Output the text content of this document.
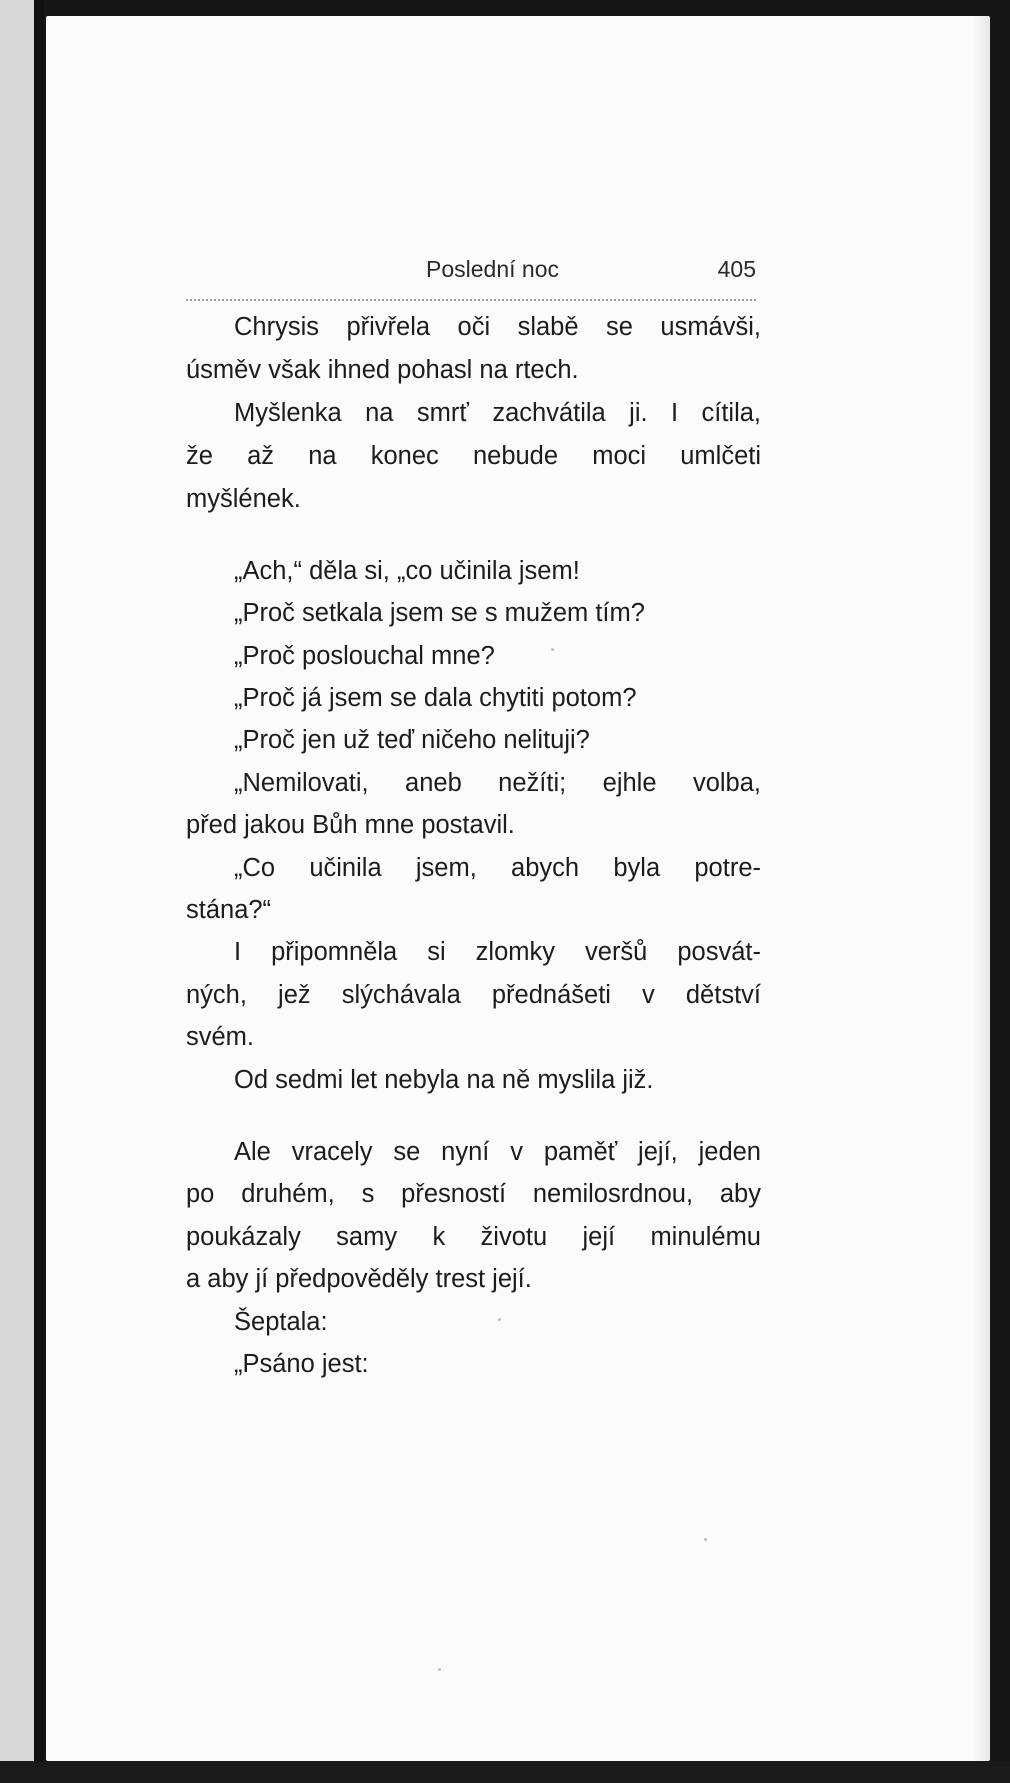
Poslední noc	405
Chrysis přivřela oči slabě se usmávši,
úsměv však ihned pohasl na rtech.
Myšlenka na smrť zachvátila ji. I cítila,
že až na konec nebude moci umlčeti
myšlének.
„Ach,“ děla si, „co učinila jsem!
„Proč setkala jsem se s mužem tím?
„Proč poslouchal mne?
„Proč já jsem se dala chytiti potom?
„Proč jen už teď ničeho nelituji?
„Nemilovati, aneb nežíti; ejhle volba,
před jakou Bůh mne postavil.
„Co učinila jsem, abych byla potre-
stána?“
I připomněla si zlomky veršů posvát-
ných, jež slýchávala přednášeti v dětství
svém.
Od sedmi let nebyla na ně myslila již.
Ale vracely se nyní v paměť její, jeden
po druhém, s přesností nemilosrdnou, aby
poukázaly samy k životu její minulému
a aby jí předpověděly trest její.
Šeptala:
„Psáno jest:
